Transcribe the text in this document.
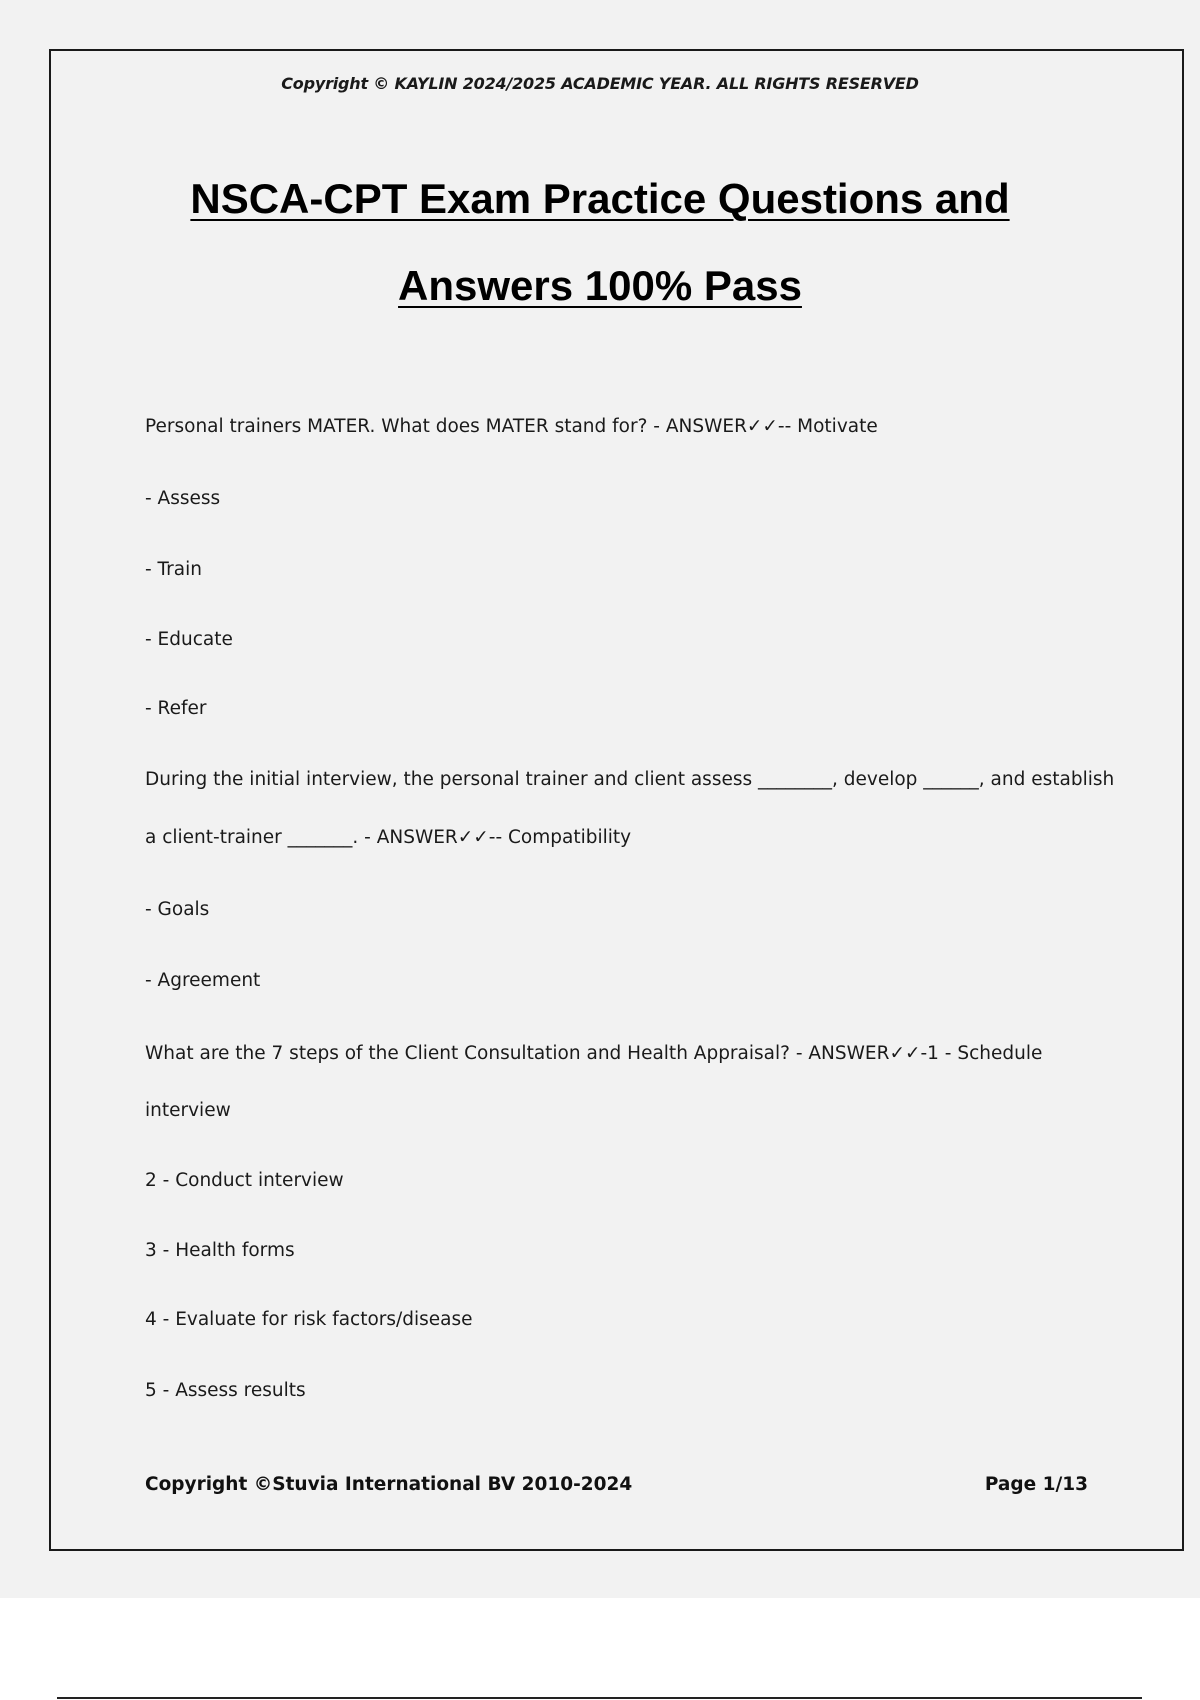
Copyright © KAYLIN 2024/2025 ACADEMIC YEAR. ALL RIGHTS RESERVED
NSCA-CPT Exam Practice Questions and
Answers 100% Pass
Personal trainers MATER. What does MATER stand for? - ANSWER✓✓-- Motivate
- Assess
- Train
- Educate
- Refer
During the initial interview, the personal trainer and client assess ________, develop ______, and establish
a client-trainer _______. - ANSWER✓✓-- Compatibility
- Goals
- Agreement
What are the 7 steps of the Client Consultation and Health Appraisal? - ANSWER✓✓-1 - Schedule
interview
2 - Conduct interview
3 - Health forms
4 - Evaluate for risk factors/disease
5 - Assess results
Copyright ©Stuvia International BV 2010-2024	Page 1/13
